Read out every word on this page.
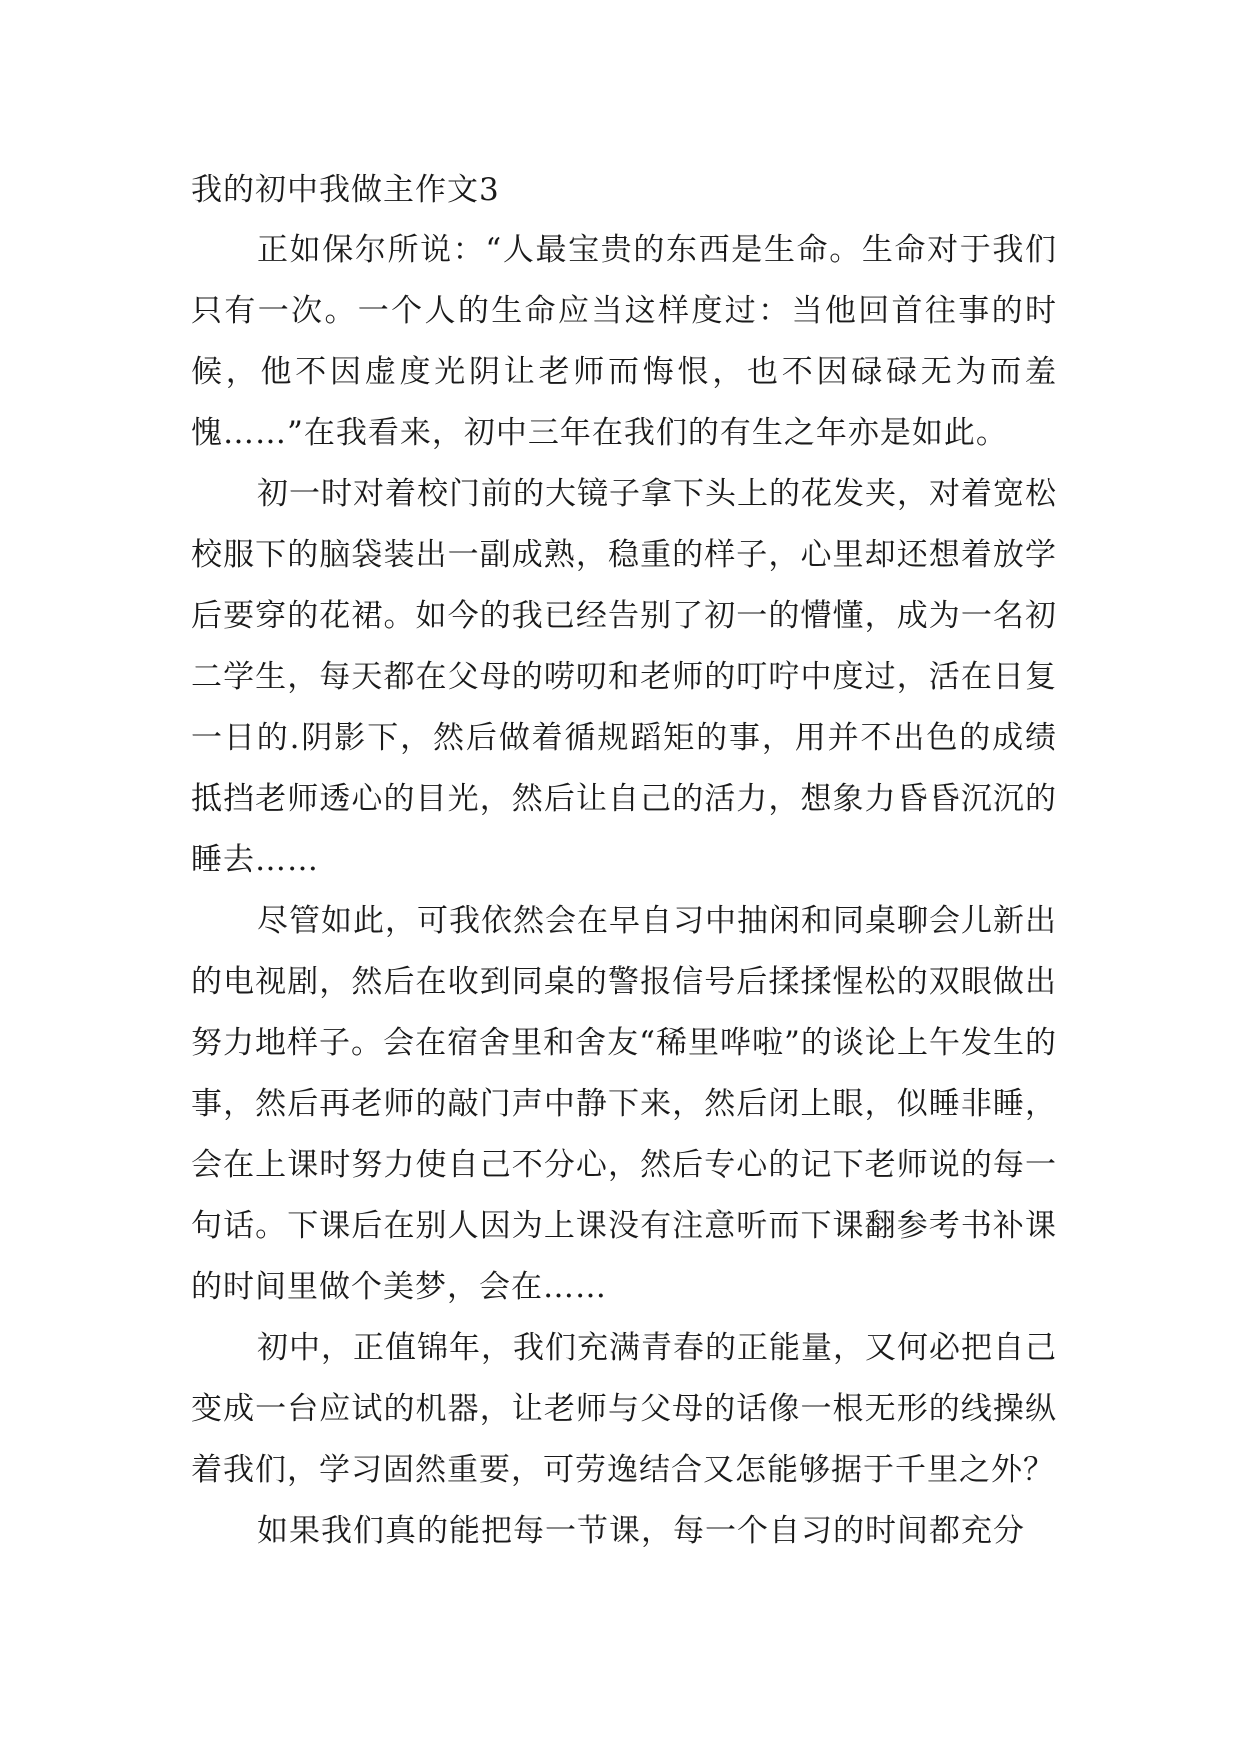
我的初中我做主作文3

正如保尔所说：“人最宝贵的东西是生命。生命对于我们只有一次。一个人的生命应当这样度过：当他回首往事的时候，他不因虚度光阴让老师而悔恨，也不因碌碌无为而羞愧……”在我看来，初中三年在我们的有生之年亦是如此。

初一时对着校门前的大镜子拿下头上的花发夹，对着宽松校服下的脑袋装出一副成熟，稳重的样子，心里却还想着放学后要穿的花裙。如今的我已经告别了初一的懵懂，成为一名初二学生，每天都在父母的唠叨和老师的叮咛中度过，活在日复一日的.阴影下，然后做着循规蹈矩的事，用并不出色的成绩抵挡老师透心的目光，然后让自己的活力，想象力昏昏沉沉的睡去……

尽管如此，可我依然会在早自习中抽闲和同桌聊会儿新出的电视剧，然后在收到同桌的警报信号后揉揉惺松的双眼做出努力地样子。会在宿舍里和舍友“稀里哗啦”的谈论上午发生的事，然后再老师的敲门声中静下来，然后闭上眼，似睡非睡，会在上课时努力使自己不分心，然后专心的记下老师说的每一句话。下课后在别人因为上课没有注意听而下课翻参考书补课的时间里做个美梦，会在……

初中，正值锦年，我们充满青春的正能量，又何必把自己变成一台应试的机器，让老师与父母的话像一根无形的线操纵着我们，学习固然重要，可劳逸结合又怎能够据于千里之外？

如果我们真的能把每一节课，每一个自习的时间都充分
